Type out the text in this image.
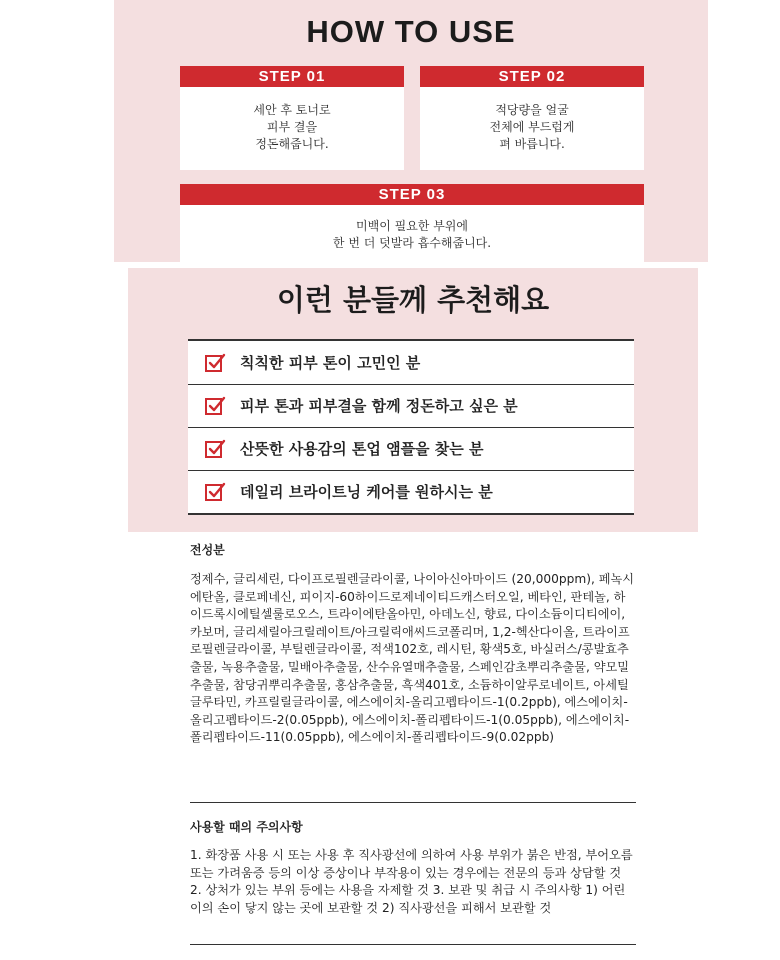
HOW TO USE
STEP 01
세안 후 토너로
피부 결을
정돈해줍니다.
STEP 02
적당량을 얼굴
전체에 부드럽게
펴 바릅니다.
STEP 03
미백이 필요한 부위에
한 번 더 덧발라 흡수해줍니다.
이런 분들께 추천해요
칙칙한 피부 톤이 고민인 분
피부 톤과 피부결을 함께 정돈하고 싶은 분
산뜻한 사용감의 톤업 앰플을 찾는 분
데일리 브라이트닝 케어를 원하시는 분

전성분

정제수, 글리세린, 다이프로필렌글라이콜, 나이아신아마이드 (20,000ppm), 페녹시에탄올, 클로페네신, 피이지-60하이드로제네이티드캐스터오일, 베타인, 판테놀, 하이드록시에틸셀룰로오스, 트라이에탄올아민, 아데노신, 향료, 다이소듐이디티에이, 카보머, 글리세릴아크릴레이트/아크릴릭애씨드코폴리머, 1,2-헥산다이올, 트라이프로필렌글라이콜, 부틸렌글라이콜, 적색102호, 레시틴, 황색5호, 바실러스/콩발효추출물, 녹용추출물, 밀배아추출물, 산수유열매추출물, 스페인감초뿌리추출물, 약모밀추출물, 참당귀뿌리추출물, 홍삼추출물, 흑색401호, 소듐하이알루로네이트, 아세틸글루타민, 카프릴릴글라이콜, 에스에이치-올리고펩타이드-1(0.2ppb), 에스에이치-올리고펩타이드-2(0.05ppb), 에스에이치-폴리펩타이드-1(0.05ppb), 에스에이치-폴리펩타이드-11(0.05ppb), 에스에이치-폴리펩타이드-9(0.02ppb)

사용할 때의 주의사항

1. 화장품 사용 시 또는 사용 후 직사광선에 의하여 사용 부위가 붉은 반점, 부어오름 또는 가려움증 등의 이상 증상이나 부작용이 있는 경우에는 전문의 등과 상담할 것 2. 상처가 있는 부위 등에는 사용을 자제할 것 3. 보관 및 취급 시 주의사항 1) 어린이의 손이 닿지 않는 곳에 보관할 것 2) 직사광선을 피해서 보관할 것
